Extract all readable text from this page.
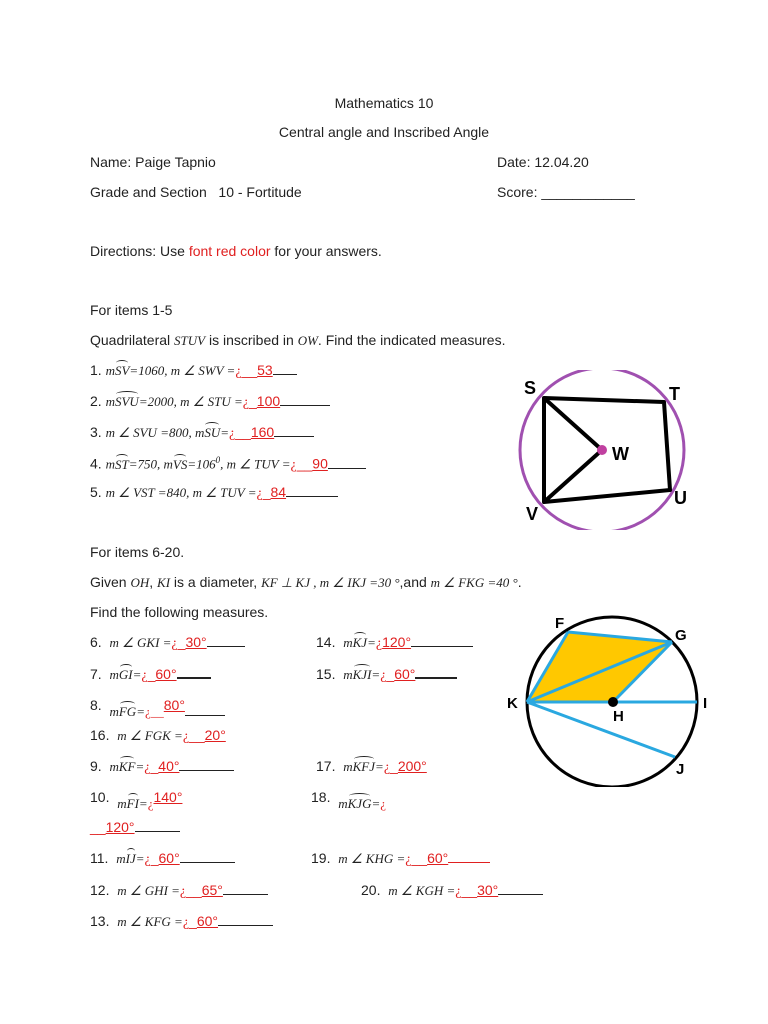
Mathematics 10
Central angle and Inscribed Angle
Name: Paige Tapnio	Date: 12.04.20
Grade and Section   10 - Fortitude	Score: ____________
Directions: Use font red color for your answers.
For items 1-5
Quadrilateral STUV is inscribed in OW. Find the indicated measures.
1. mSV=1060, m ∠ SWV =¿__53
2. mSVU=2000, m ∠ STU =¿_100
3. m ∠ SVU =800, mSU=¿__160
4. mST=750, $mVS=106^0$, m ∠ TUV =¿__90
5. m ∠ VST =840, m ∠ TUV =¿_84
S	T
W
U
V
For items 6-20.
Given OH, KI is a diameter, KF ⊥ KJ , m ∠ IKJ =30 °,and m ∠ FKG =40 °.
Find the following measures.
6. m ∠ GKI =¿_30°
7. mGI=¿_60°
8. mFG=¿__80°
16. m ∠ FGK =¿__20°
9. mKF=¿_40°
10. mFI=¿140°
__120°
11. mIJ=¿_60°
12. m ∠ GHI =¿__65°
13. m ∠ KFG =¿_60°
14. mKJ=¿120°
15. mKJI=¿_60°
17. mKFJ=¿_200°
18. mKJG=¿
19. m ∠ KHG =¿__60°
20. m ∠ KGH =¿__30°
F
G
K	I
H
J
